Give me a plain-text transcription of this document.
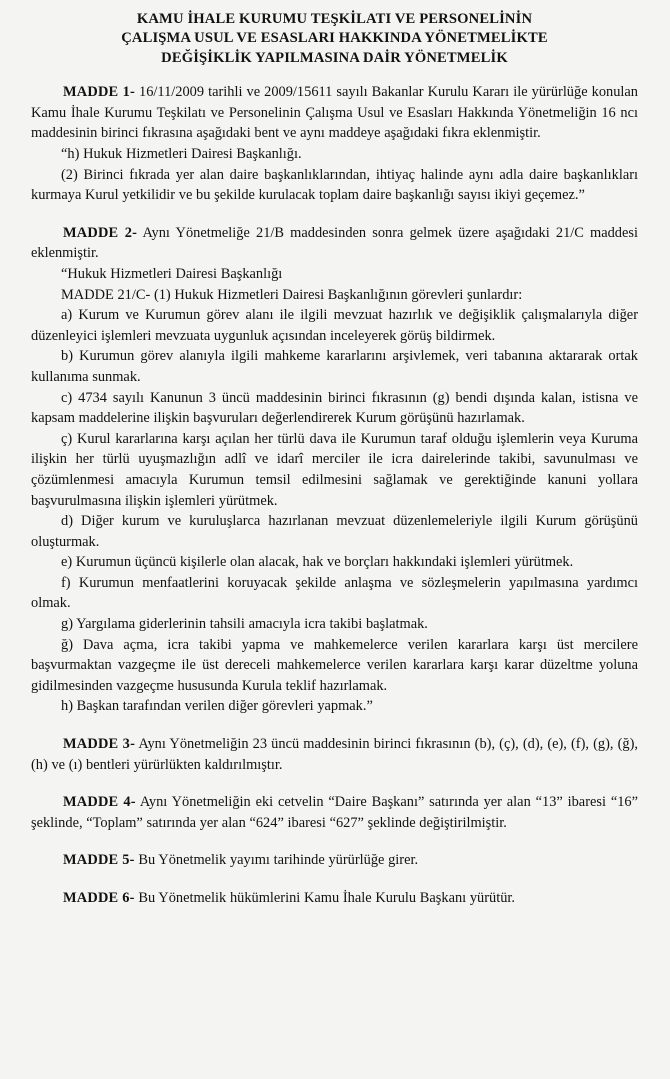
KAMU İHALE KURUMU TEŞKİLATI VE PERSONELİNİN
ÇALIŞMA USUL VE ESASLARI HAKKINDA YÖNETMELİKTE
DEĞİŞİKLİK YAPILMASINA DAİR YÖNETMELİK

MADDE 1- 16/11/2009 tarihli ve 2009/15611 sayılı Bakanlar Kurulu Kararı ile yürürlüğe konulan Kamu İhale Kurumu Teşkilatı ve Personelinin Çalışma Usul ve Esasları Hakkında Yönetmeliğin 16 ncı maddesinin birinci fıkrasına aşağıdaki bent ve aynı maddeye aşağıdaki fıkra eklenmiştir.

“h) Hukuk Hizmetleri Dairesi Başkanlığı.

(2) Birinci fıkrada yer alan daire başkanlıklarından, ihtiyaç halinde aynı adla daire başkanlıkları kurmaya Kurul yetkilidir ve bu şekilde kurulacak toplam daire başkanlığı sayısı ikiyi geçemez.”

MADDE 2- Aynı Yönetmeliğe 21/B maddesinden sonra gelmek üzere aşağıdaki 21/C maddesi eklenmiştir.

“Hukuk Hizmetleri Dairesi Başkanlığı

MADDE 21/C- (1) Hukuk Hizmetleri Dairesi Başkanlığının görevleri şunlardır:

a) Kurum ve Kurumun görev alanı ile ilgili mevzuat hazırlık ve değişiklik çalışmalarıyla diğer düzenleyici işlemleri mevzuata uygunluk açısından inceleyerek görüş bildirmek.

b) Kurumun görev alanıyla ilgili mahkeme kararlarını arşivlemek, veri tabanına aktararak ortak kullanıma sunmak.

c) 4734 sayılı Kanunun 3 üncü maddesinin birinci fıkrasının (g) bendi dışında kalan, istisna ve kapsam maddelerine ilişkin başvuruları değerlendirerek Kurum görüşünü hazırlamak.

ç) Kurul kararlarına karşı açılan her türlü dava ile Kurumun taraf olduğu işlemlerin veya Kuruma ilişkin her türlü uyuşmazlığın adlî ve idarî merciler ile icra dairelerinde takibi, savunulması ve çözümlenmesi amacıyla Kurumun temsil edilmesini sağlamak ve gerektiğinde kanuni yollara başvurulmasına ilişkin işlemleri yürütmek.

d) Diğer kurum ve kuruluşlarca hazırlanan mevzuat düzenlemeleriyle ilgili Kurum görüşünü oluşturmak.

e) Kurumun üçüncü kişilerle olan alacak, hak ve borçları hakkındaki işlemleri yürütmek.

f) Kurumun menfaatlerini koruyacak şekilde anlaşma ve sözleşmelerin yapılmasına yardımcı olmak.

g) Yargılama giderlerinin tahsili amacıyla icra takibi başlatmak.

ğ) Dava açma, icra takibi yapma ve mahkemelerce verilen kararlara karşı üst mercilere başvurmaktan vazgeçme ile üst dereceli mahkemelerce verilen kararlara karşı karar düzeltme yoluna gidilmesinden vazgeçme hususunda Kurula teklif hazırlamak.

h) Başkan tarafından verilen diğer görevleri yapmak.”

MADDE 3- Aynı Yönetmeliğin 23 üncü maddesinin birinci fıkrasının (b), (ç), (d), (e), (f), (g), (ğ), (h) ve (ı) bentleri yürürlükten kaldırılmıştır.

MADDE 4- Aynı Yönetmeliğin eki cetvelin “Daire Başkanı” satırında yer alan “13” ibaresi “16” şeklinde, “Toplam” satırında yer alan “624” ibaresi “627” şeklinde değiştirilmiştir.

MADDE 5- Bu Yönetmelik yayımı tarihinde yürürlüğe girer.

MADDE 6- Bu Yönetmelik hükümlerini Kamu İhale Kurulu Başkanı yürütür.
